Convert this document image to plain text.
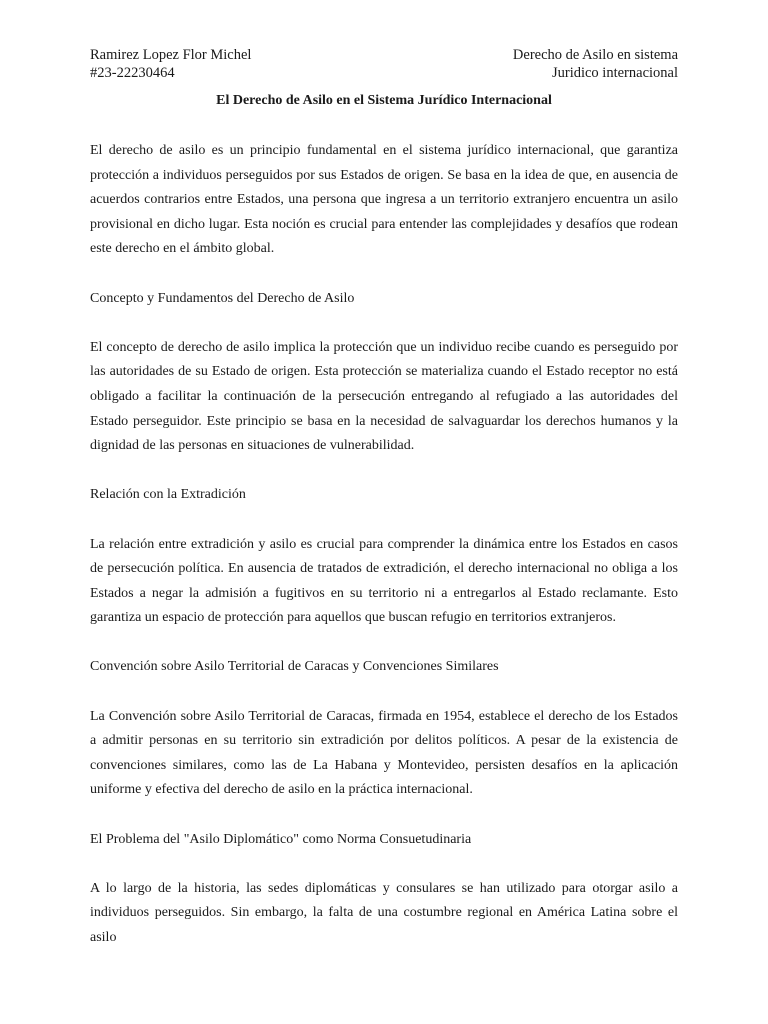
Ramirez Lopez Flor Michel
#23-22230464
Derecho de Asilo en sistema
Juridico internacional
El Derecho de Asilo en el Sistema Jurídico Internacional

El derecho de asilo es un principio fundamental en el sistema jurídico internacional, que garantiza protección a individuos perseguidos por sus Estados de origen. Se basa en la idea de que, en ausencia de acuerdos contrarios entre Estados, una persona que ingresa a un territorio extranjero encuentra un asilo provisional en dicho lugar. Esta noción es crucial para entender las complejidades y desafíos que rodean este derecho en el ámbito global.

Concepto y Fundamentos del Derecho de Asilo

El concepto de derecho de asilo implica la protección que un individuo recibe cuando es perseguido por las autoridades de su Estado de origen. Esta protección se materializa cuando el Estado receptor no está obligado a facilitar la continuación de la persecución entregando al refugiado a las autoridades del Estado perseguidor. Este principio se basa en la necesidad de salvaguardar los derechos humanos y la dignidad de las personas en situaciones de vulnerabilidad.

Relación con la Extradición

La relación entre extradición y asilo es crucial para comprender la dinámica entre los Estados en casos de persecución política. En ausencia de tratados de extradición, el derecho internacional no obliga a los Estados a negar la admisión a fugitivos en su territorio ni a entregarlos al Estado reclamante. Esto garantiza un espacio de protección para aquellos que buscan refugio en territorios extranjeros.

Convención sobre Asilo Territorial de Caracas y Convenciones Similares

La Convención sobre Asilo Territorial de Caracas, firmada en 1954, establece el derecho de los Estados a admitir personas en su territorio sin extradición por delitos políticos. A pesar de la existencia de convenciones similares, como las de La Habana y Montevideo, persisten desafíos en la aplicación uniforme y efectiva del derecho de asilo en la práctica internacional.

El Problema del "Asilo Diplomático" como Norma Consuetudinaria

A lo largo de la historia, las sedes diplomáticas y consulares se han utilizado para otorgar asilo a individuos perseguidos. Sin embargo, la falta de una costumbre regional en América Latina sobre el asilo
